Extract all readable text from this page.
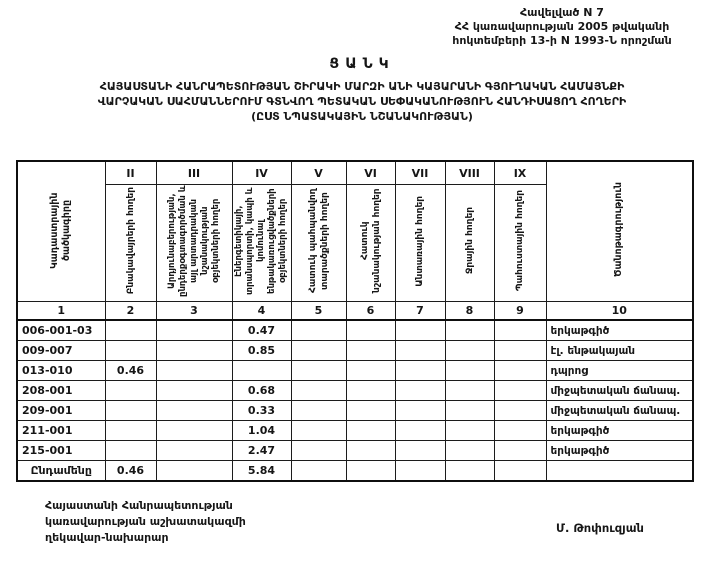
Հավելված N 7
ՀՀ կառավարության 2005 թվականի
հոկտեմբերի 13-ի N 1993-Ն որոշման
ՑԱՆԿ
ՀԱՅԱՍՏԱՆԻ ՀԱՆՐԱՊԵՏՈՒԹՅԱՆ ՇԻՐԱԿԻ ՄԱՐԶԻ ԱՆԻ ԿԱՅԱՐԱՆԻ ԳՅՈՒՂԱԿԱՆ ՀԱՄԱՅՆՔԻ
ՎԱՐՉԱԿԱՆ ՍԱՀՄԱՆՆԵՐՈՒՄ ԳՏՆՎՈՂ ՊԵՏԱԿԱՆ ՍԵՓԱԿԱՆՈՒԹՅՈՒՆ ՀԱՆԴԻՍԱՑՈՂ ՀՈՂԵՐԻ
(ԸՍՏ ՆՊԱՏԱԿԱՅԻՆ ՆՇԱՆԱԿՈՒԹՅԱՆ)
Կադաստրային ծածկագիրը	II	III	IV	V	VI	VII	VIII	IX	Ծանոթագրություն
	Բնակավայրերի հողեր	Արդյունաբերության, ընդերքօգտագործման և այլ արտադրական նշանակության օբյեկտների հողեր	Էներգետիկայի, տրանսպորտի, կապի և կոմունալ ենթակառուցվածքների օբյեկտների հողեր	Հատուկ պահպանվող տարածքների հողեր	Հատուկ նշանակության հողեր	Անտառային հողեր	Ջրային հողեր	Պահուստային հողեր	
1	2	3	4	5	6	7	8	9	10
006-001-03			0.47						երկաթգիծ
009-007			0.85						էլ. ենթակայան
013-010	0.46								դպրոց
208-001			0.68						միջպետական ճանապ.
209-001			0.33						միջպետական ճանապ.
211-001			1.04						երկաթգիծ
215-001			2.47						երկաթգիծ
Ընդամենը	0.46		5.84						
Հայաստանի Հանրապետության
կառավարության աշխատակազմի
ղեկավար-նախարար
Մ. Թոփուզյան
